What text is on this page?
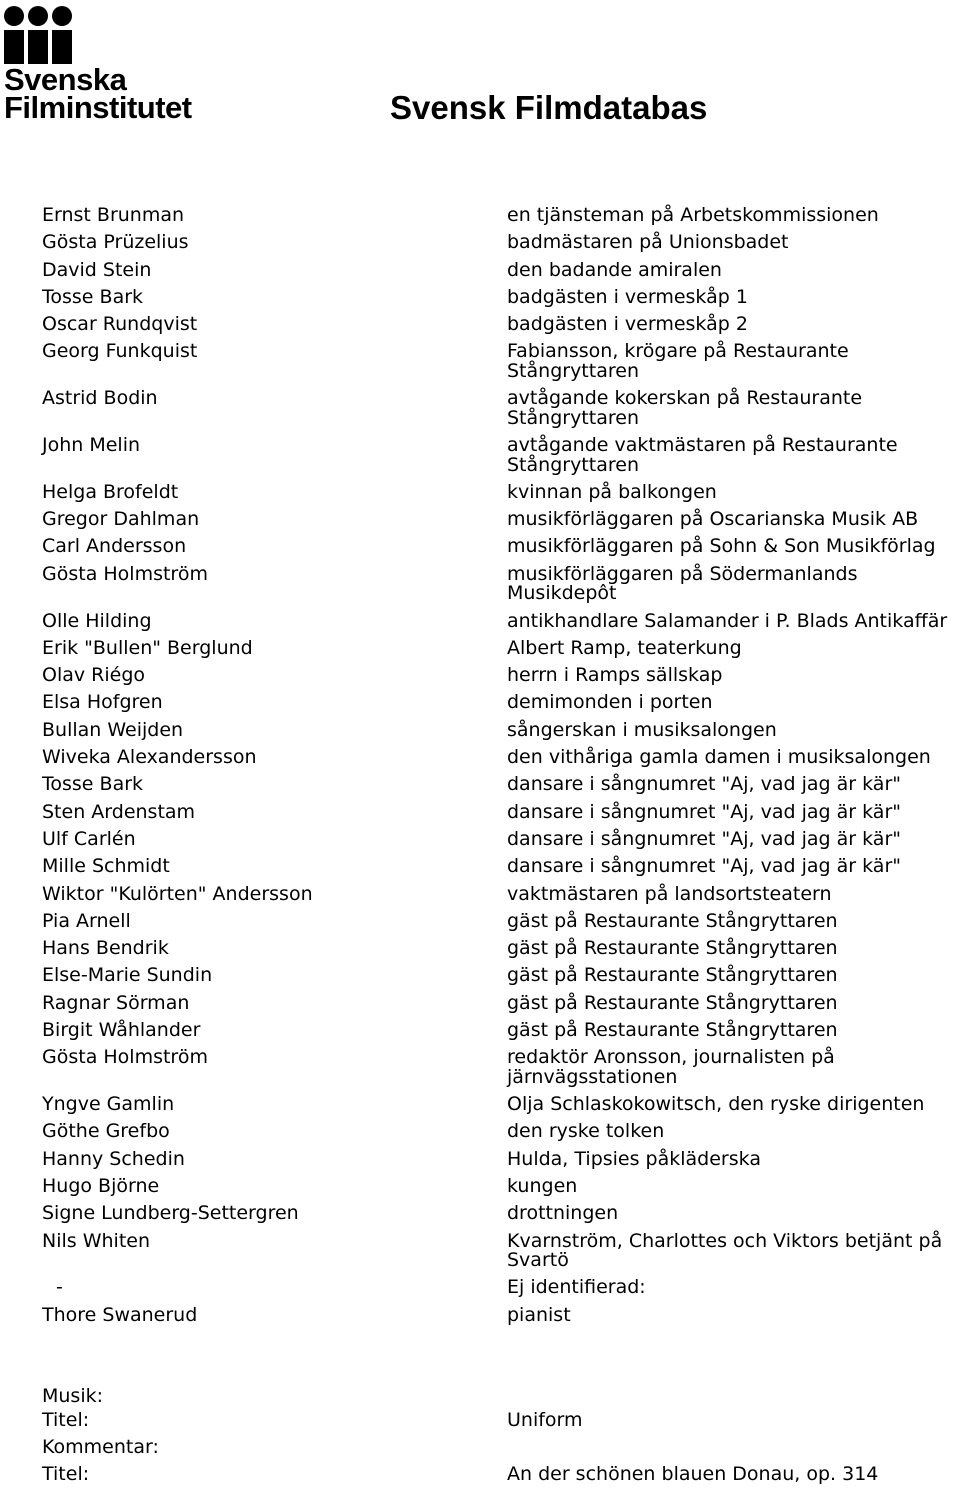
Svenska
Filminstitutet	Svensk Filmdatabas
Ernst Brunman	en tjänsteman på Arbetskommissionen
Gösta Prüzelius	badmästaren på Unionsbadet
David Stein	den badande amiralen
Tosse Bark	badgästen i vermeskåp 1
Oscar Rundqvist	badgästen i vermeskåp 2
Georg Funkquist	Fabiansson, krögare på Restaurante Stångryttaren
Astrid Bodin	avtågande kokerskan på Restaurante Stångryttaren
John Melin	avtågande vaktmästaren på Restaurante Stångryttaren
Helga Brofeldt	kvinnan på balkongen
Gregor Dahlman	musikförläggaren på Oscarianska Musik AB
Carl Andersson	musikförläggaren på Sohn & Son Musikförlag
Gösta Holmström	musikförläggaren på Södermanlands Musikdepôt
Olle Hilding	antikhandlare Salamander i P. Blads Antikaffär
Erik "Bullen" Berglund	Albert Ramp, teaterkung
Olav Riégo	herrn i Ramps sällskap
Elsa Hofgren	demimonden i porten
Bullan Weijden	sångerskan i musiksalongen
Wiveka Alexandersson	den vithåriga gamla damen i musiksalongen
Tosse Bark	dansare i sångnumret "Aj, vad jag är kär"
Sten Ardenstam	dansare i sångnumret "Aj, vad jag är kär"
Ulf Carlén	dansare i sångnumret "Aj, vad jag är kär"
Mille Schmidt	dansare i sångnumret "Aj, vad jag är kär"
Wiktor "Kulörten" Andersson	vaktmästaren på landsortsteatern
Pia Arnell	gäst på Restaurante Stångryttaren
Hans Bendrik	gäst på Restaurante Stångryttaren
Else-Marie Sundin	gäst på Restaurante Stångryttaren
Ragnar Sörman	gäst på Restaurante Stångryttaren
Birgit Wåhlander	gäst på Restaurante Stångryttaren
Gösta Holmström	redaktör Aronsson, journalisten på järnvägsstationen
Yngve Gamlin	Olja Schlaskokowitsch, den ryske dirigenten
Göthe Grefbo	den ryske tolken
Hanny Schedin	Hulda, Tipsies påkläderska
Hugo Björne	kungen
Signe Lundberg-Settergren	drottningen
Nils Whiten	Kvarnström, Charlottes och Viktors betjänt på Svartö
-	Ej identifierad:
Thore Swanerud	pianist
Musik:
Titel:	Uniform
Kommentar:
Titel:	An der schönen blauen Donau, op. 314
